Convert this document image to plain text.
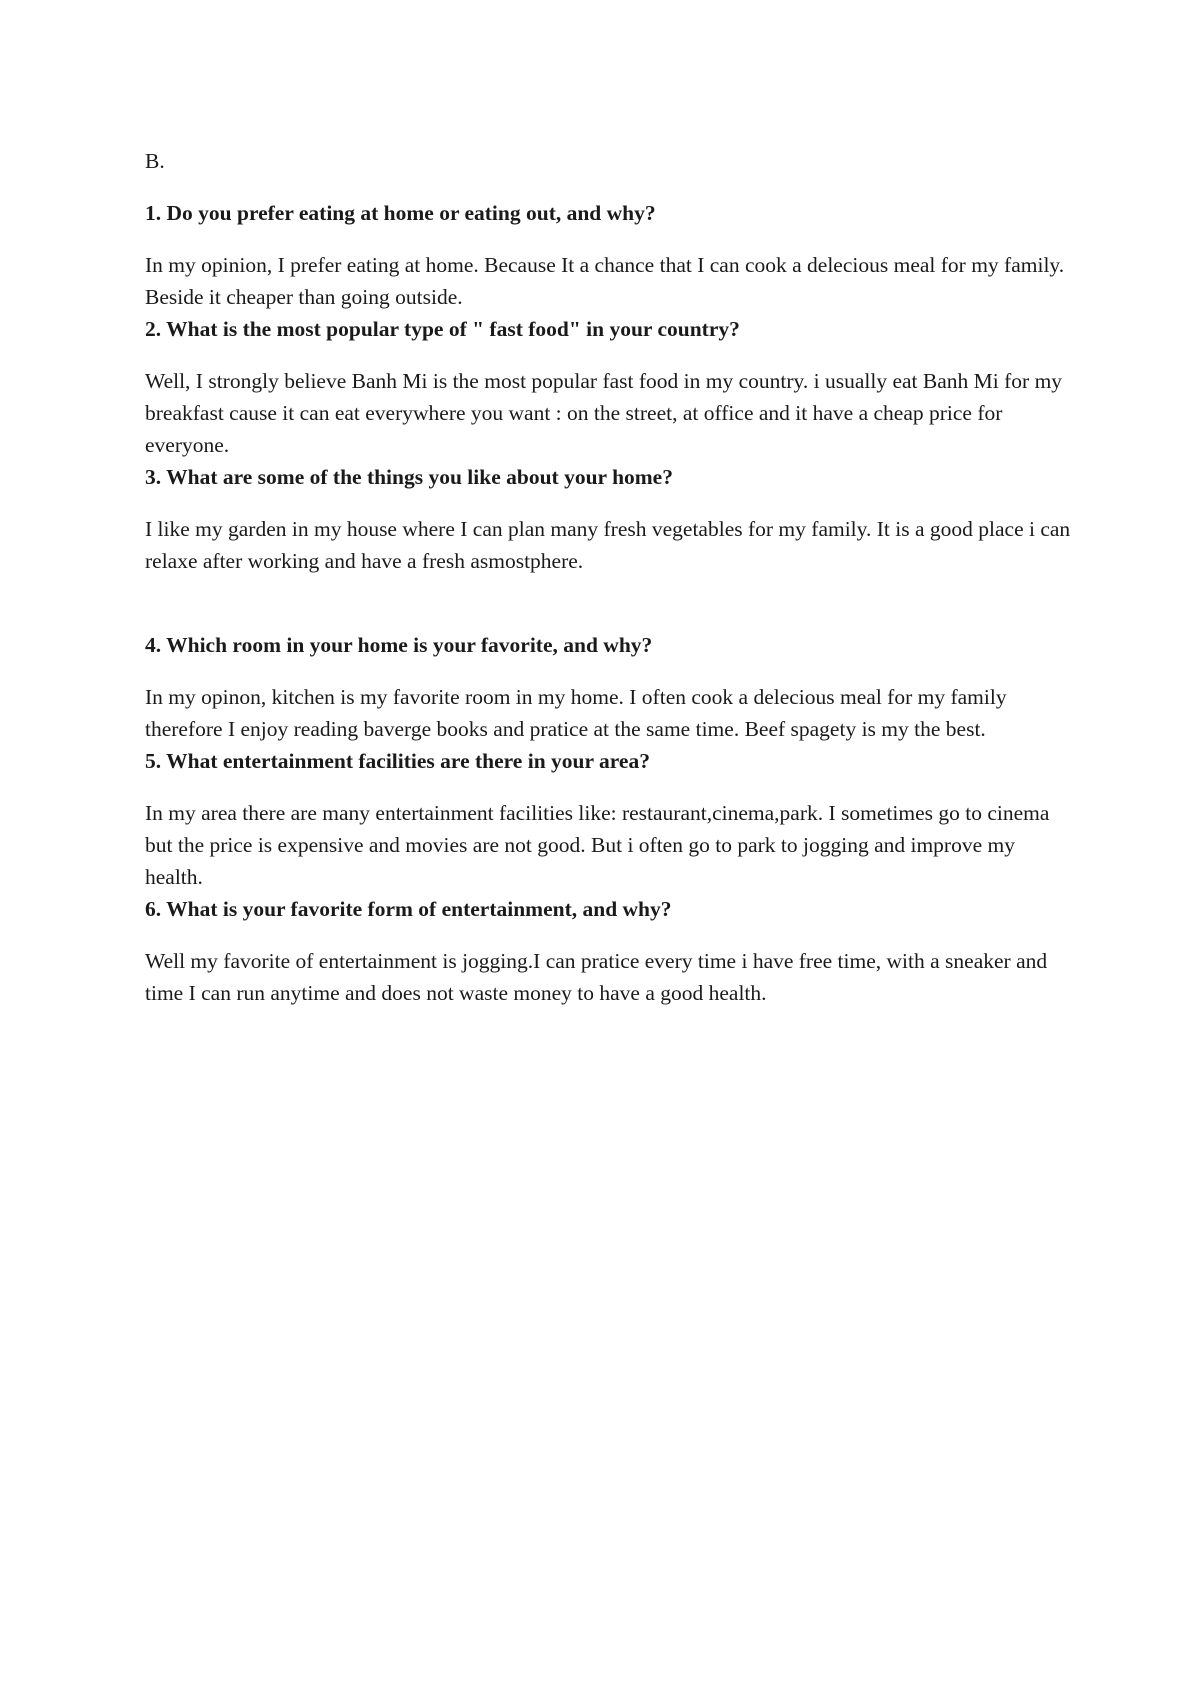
B.

1. Do you prefer eating at home or eating out, and why?

In my opinion, I prefer eating at home. Because It a chance that I can cook a delecious meal for my family. Beside it cheaper than going outside.

2. What is the most popular type of " fast food" in your country?

Well, I strongly believe Banh Mi is the most popular fast food in my country. i usually eat Banh Mi for my breakfast cause it can eat everywhere you want : on the street, at office and it have a cheap price for everyone.

3. What are some of the things you like about your home?

I like my garden in my house where I can plan many fresh vegetables for my family. It is a good place i can relaxe after working and have a fresh asmostphere.

4. Which room in your home is your favorite, and why?

In my opinon, kitchen is my favorite room in my home. I often cook a delecious meal for my family therefore I enjoy reading baverge books and pratice at the same time. Beef spagety is my the best.

5. What entertainment facilities are there in your area?

In my area there are many entertainment facilities like: restaurant,cinema,park. I sometimes go to cinema but the price is expensive and movies are not good. But i often go to park to jogging and improve my health.

6. What is your favorite form of entertainment, and why?

Well my favorite of entertainment is jogging.I can pratice every time i have free time, with a sneaker and time I can run anytime and does not waste money to have a good health.
